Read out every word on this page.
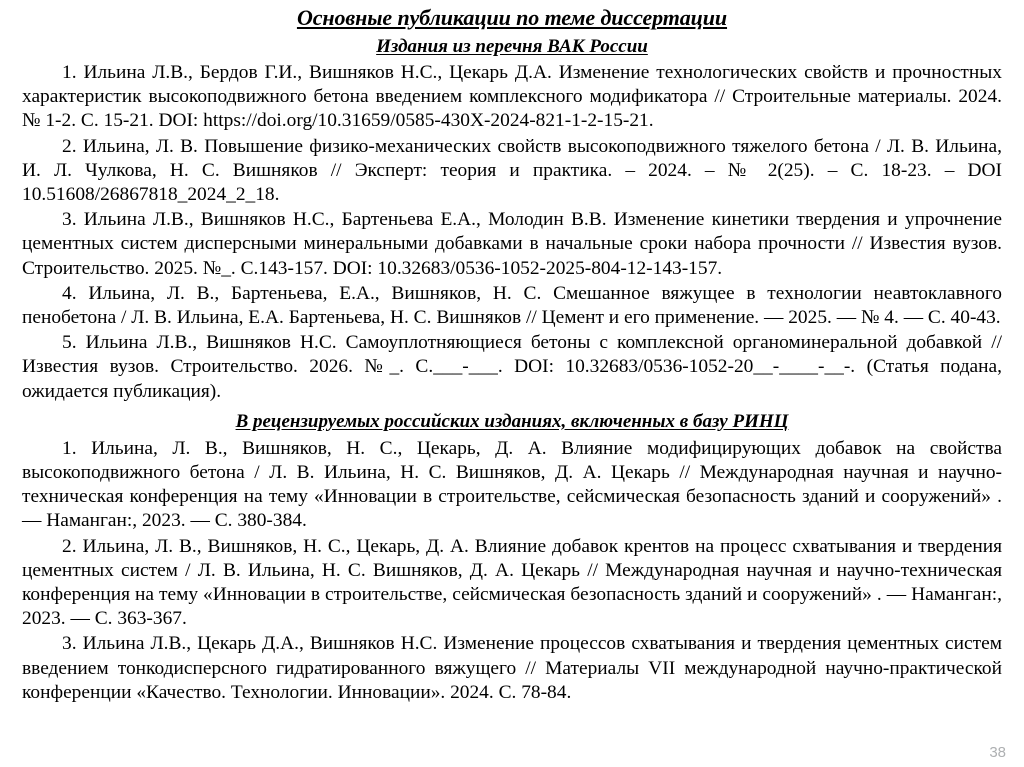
Основные публикации по теме диссертации
Издания из перечня ВАК России

1. Ильина Л.В., Бердов Г.И., Вишняков Н.С., Цекарь Д.А. Изменение технологических свойств и прочностных характеристик высокоподвижного бетона введением комплексного модификатора // Строительные материалы. 2024. № 1-2. С. 15-21. DOI: https://doi.org/10.31659/0585-430X-2024-821-1-2-15-21.

2. Ильина, Л. В. Повышение физико-механических свойств высокоподвижного тяжелого бетона / Л. В. Ильина, И. Л. Чулкова, Н. С. Вишняков // Эксперт: теория и практика. – 2024. – № 2(25). – С. 18-23. – DOI 10.51608/26867818_2024_2_18.

3. Ильина Л.В., Вишняков Н.С., Бартеньева Е.А., Молодин В.В. Изменение кинетики твердения и упрочнение цементных систем дисперсными минеральными добавками в начальные сроки набора прочности // Известия вузов. Строительство. 2025. №_. С.143-157. DOI: 10.32683/0536-1052-2025-804-12-143-157.

4. Ильина, Л. В., Бартеньева, Е.А., Вишняков, Н. С. Смешанное вяжущее в технологии неавтоклавного пенобетона / Л. В. Ильина, Е.А. Бартеньева, Н. С. Вишняков // Цемент и его применение. — 2025. — № 4. — С. 40-43.

5. Ильина Л.В., Вишняков Н.С. Самоуплотняющиеся бетоны с комплексной органоминеральной добавкой // Известия вузов. Строительство. 2026. №_. С.___-___. DOI: 10.32683/0536-1052-20__-____-__-. (Статья подана, ожидается публикация).

В рецензируемых российских изданиях, включенных в базу РИНЦ

1. Ильина, Л. В., Вишняков, Н. С., Цекарь, Д. А. Влияние модифицирующих добавок на свойства высокоподвижного бетона / Л. В. Ильина, Н. С. Вишняков, Д. А. Цекарь // Международная научная и научно-техническая конференция на тему «Инновации в строительстве, сейсмическая безопасность зданий и сооружений» . — Наманган:, 2023. — С. 380-384.

2. Ильина, Л. В., Вишняков, Н. С., Цекарь, Д. А. Влияние добавок крентов на процесс схватывания и твердения цементных систем / Л. В. Ильина, Н. С. Вишняков, Д. А. Цекарь // Международная научная и научно-техническая конференция на тему «Инновации в строительстве, сейсмическая безопасность зданий и сооружений» . — Наманган:, 2023. — С. 363-367.

3. Ильина Л.В., Цекарь Д.А., Вишняков Н.С. Изменение процессов схватывания и твердения цементных систем введением тонкодисперсного гидратированного вяжущего // Материалы VII международной научно-практической конференции «Качество. Технологии. Инновации». 2024. С. 78-84.

38
